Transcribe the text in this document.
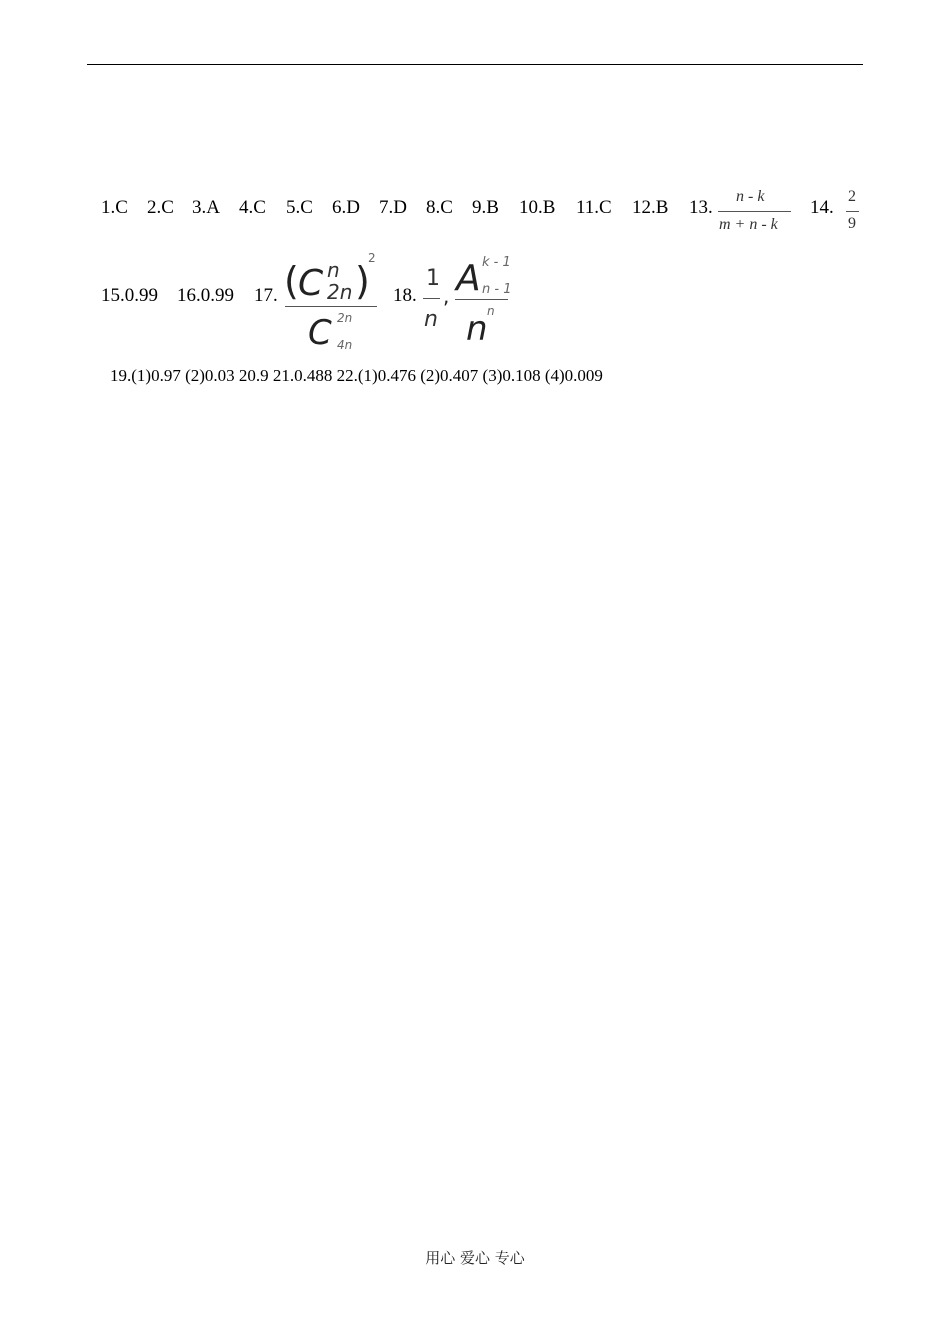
1.C 2.C 3.A 4.C 5.C 6.D 7.D 8.C 9.B 10.B 11.C 12.B 13.
n - k
m + n - k
14.
2
9
15.0.99 16.0.99 17. ( C n
2n )
2
C 2n
4n
18.
1
n
, A k - 1
n - 1
n n
19.(1)0.97 (2)0.03 20.9 21.0.488 22.(1)0.476 (2)0.407 (3)0.108 (4)0.009
用心 爱心 专心
